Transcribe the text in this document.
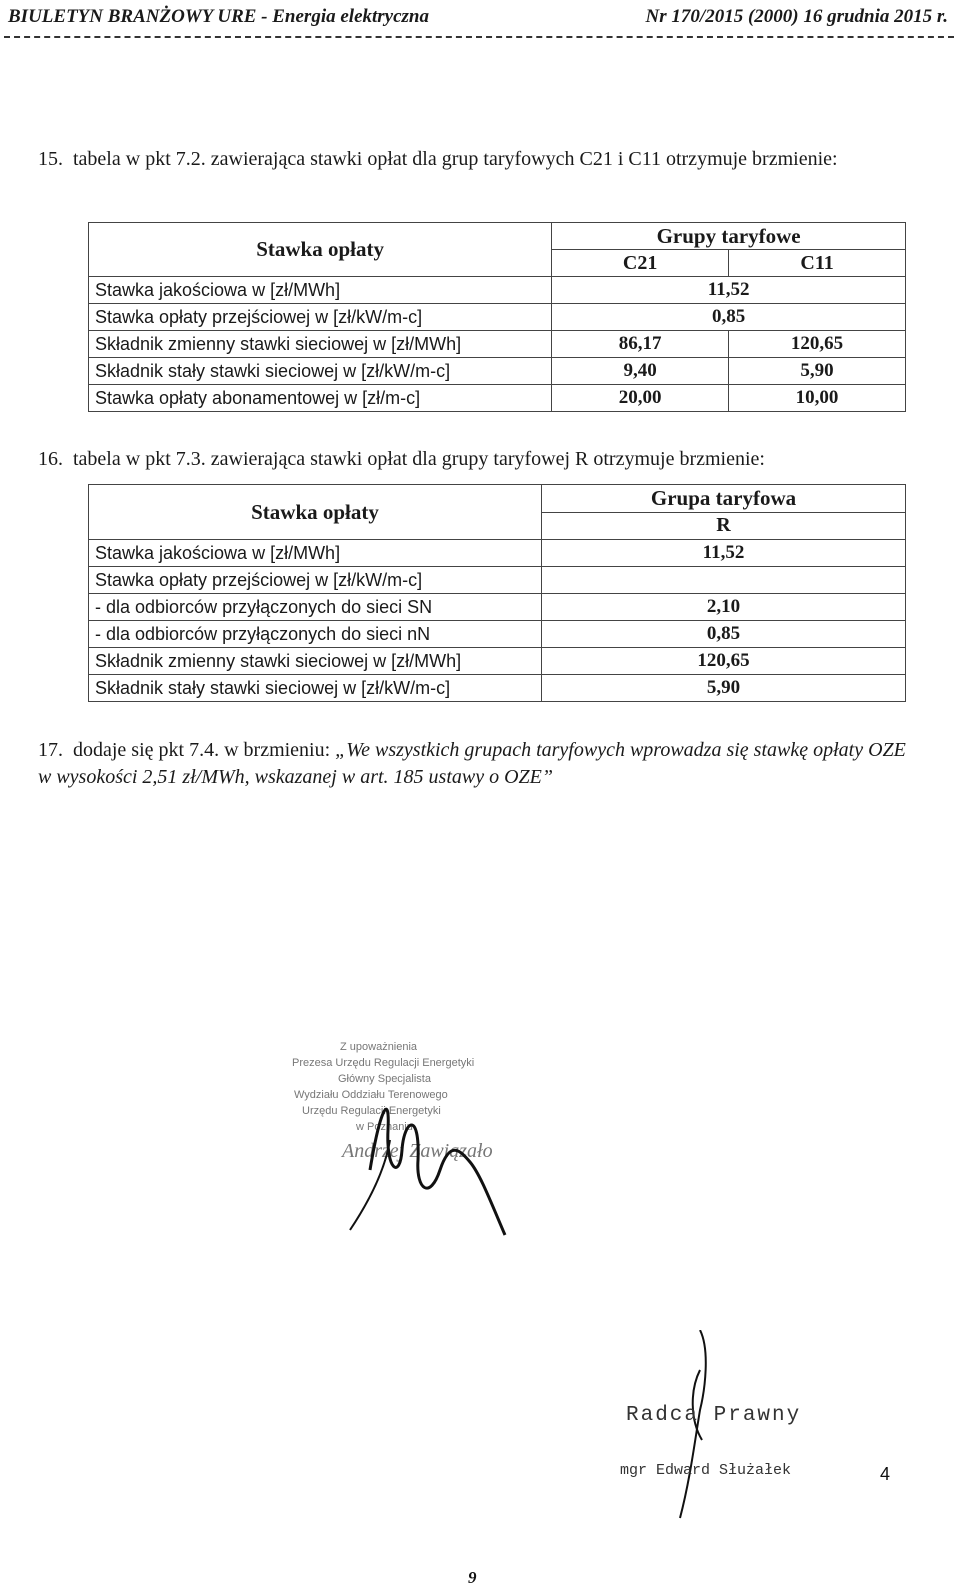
BIULETYN BRANŻOWY URE - Energia elektryczna	Nr 170/2015 (2000) 16 grudnia 2015 r.
15. tabela w pkt 7.2. zawierająca stawki opłat dla grup taryfowych C21 i C11 otrzymuje brzmienie:
Stawka opłaty	Grupy taryfowe	
	C21	C11
Stawka jakościowa w [zł/MWh]	11,52	
Stawka opłaty przejściowej w [zł/kW/m-c]	0,85	
Składnik zmienny stawki sieciowej w [zł/MWh]	86,17	120,65
Składnik stały stawki sieciowej w [zł/kW/m-c]	9,40	5,90
Stawka opłaty abonamentowej w [zł/m-c]	20,00	10,00
16. tabela w pkt 7.3. zawierająca stawki opłat dla grupy taryfowej R otrzymuje brzmienie:
Stawka opłaty	Grupa taryfowa
	R
Stawka jakościowa w [zł/MWh]	11,52
Stawka opłaty przejściowej w [zł/kW/m-c]	
- dla odbiorców przyłączonych do sieci SN	2,10
- dla odbiorców przyłączonych do sieci nN	0,85
Składnik zmienny stawki sieciowej w [zł/MWh]	120,65
Składnik stały stawki sieciowej w [zł/kW/m-c]	5,90
17. dodaje się pkt 7.4. w brzmieniu: „We wszystkich grupach taryfowych wprowadza się stawkę opłaty OZE w wysokości 2,51 zł/MWh, wskazanej w art. 185 ustawy o OZE”
Z upoważnienia
Prezesa Urzędu Regulacji Energetyki
Główny Specjalista
Wydziału Oddziału Terenowego
Urzędu Regulacji Energetyki
w Poznaniu
Andrzej Zawiązało
Radca Prawny
mgr Edward Służałek	4
9
